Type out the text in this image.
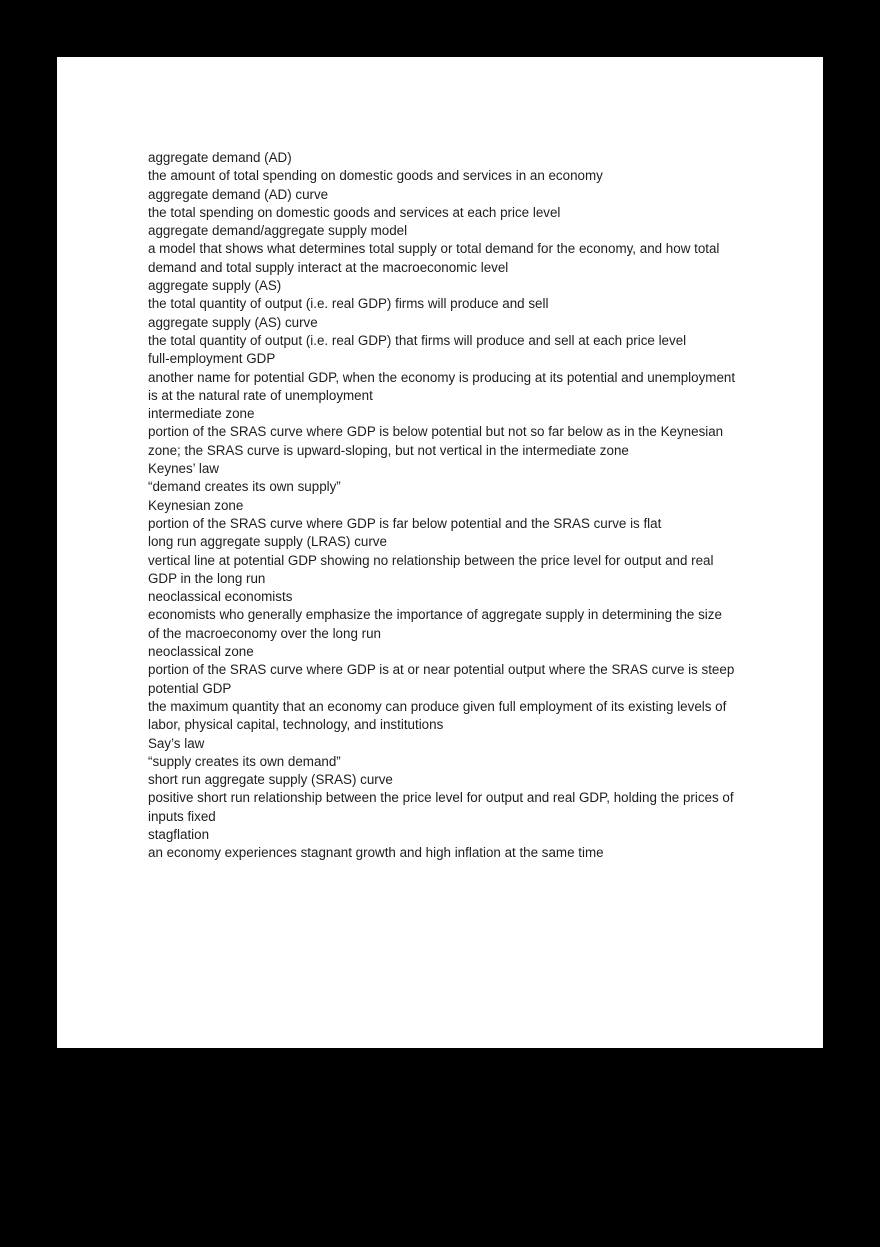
aggregate demand (AD)
the amount of total spending on domestic goods and services in an economy
aggregate demand (AD) curve
the total spending on domestic goods and services at each price level
aggregate demand/aggregate supply model
a model that shows what determines total supply or total demand for the economy, and how total demand and total supply interact at the macroeconomic level
aggregate supply (AS)
the total quantity of output (i.e. real GDP) firms will produce and sell
aggregate supply (AS) curve
the total quantity of output (i.e. real GDP) that firms will produce and sell at each price level
full-employment GDP
another name for potential GDP, when the economy is producing at its potential and unemployment is at the natural rate of unemployment
intermediate zone
portion of the SRAS curve where GDP is below potential but not so far below as in the Keynesian zone; the SRAS curve is upward-sloping, but not vertical in the intermediate zone
Keynes’ law
“demand creates its own supply”
Keynesian zone
portion of the SRAS curve where GDP is far below potential and the SRAS curve is flat
long run aggregate supply (LRAS) curve
vertical line at potential GDP showing no relationship between the price level for output and real GDP in the long run
neoclassical economists
economists who generally emphasize the importance of aggregate supply in determining the size of the macroeconomy over the long run
neoclassical zone
portion of the SRAS curve where GDP is at or near potential output where the SRAS curve is steep
potential GDP
the maximum quantity that an economy can produce given full employment of its existing levels of labor, physical capital, technology, and institutions
Say’s law
“supply creates its own demand”
short run aggregate supply (SRAS) curve
positive short run relationship between the price level for output and real GDP, holding the prices of inputs fixed
stagflation
an economy experiences stagnant growth and high inflation at the same time
